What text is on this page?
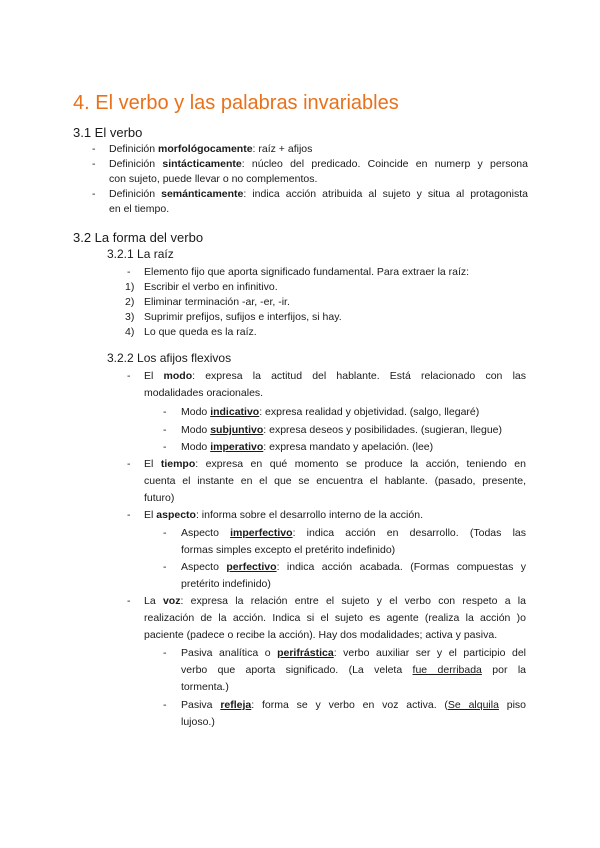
4. El verbo y las palabras invariables
3.1 El verbo
- Definición morfológocamente: raíz + afijos
- Definición sintácticamente: núcleo del predicado. Coincide en numerp y persona
con sujeto, puede llevar o no complementos.
- Definición semánticamente: indica acción atribuida al sujeto y situa al protagonista
en el tiempo.
3.2 La forma del verbo
3.2.1 La raíz
- Elemento fijo que aporta significado fundamental. Para extraer la raíz:
1) Escribir el verbo en infinitivo.
2) Eliminar terminación -ar, -er, -ir.
3) Suprimir prefijos, sufijos e interfijos, si hay.
4) Lo que queda es la raíz.
3.2.2 Los afijos flexivos
- El modo: expresa la actitud del hablante. Está relacionado con las
modalidades oracionales.
- Modo indicativo: expresa realidad y objetividad. (salgo, llegaré)
- Modo subjuntivo: expresa deseos y posibilidades. (sugieran, llegue)
- Modo imperativo: expresa mandato y apelación. (lee)
- El tiempo: expresa en qué momento se produce la acción, teniendo en
cuenta el instante en el que se encuentra el hablante. (pasado, presente,
futuro)
- El aspecto: informa sobre el desarrollo interno de la acción.
- Aspecto imperfectivo: indica acción en desarrollo. (Todas las
formas simples excepto el pretérito indefinido)
- Aspecto perfectivo: indica acción acabada. (Formas compuestas y
pretérito indefinido)
- La voz: expresa la relación entre el sujeto y el verbo con respeto a la
realización de la acción. Indica si el sujeto es agente (realiza la acción )o
paciente (padece o recibe la acción). Hay dos modalidades; activa y pasiva.
- Pasiva analítica o perifrástica: verbo auxiliar ser y el participio del
verbo que aporta significado. (La veleta fue derribada por la
tormenta.)
- Pasiva refleja: forma se y verbo en voz activa. (Se alquila piso
lujoso.)
